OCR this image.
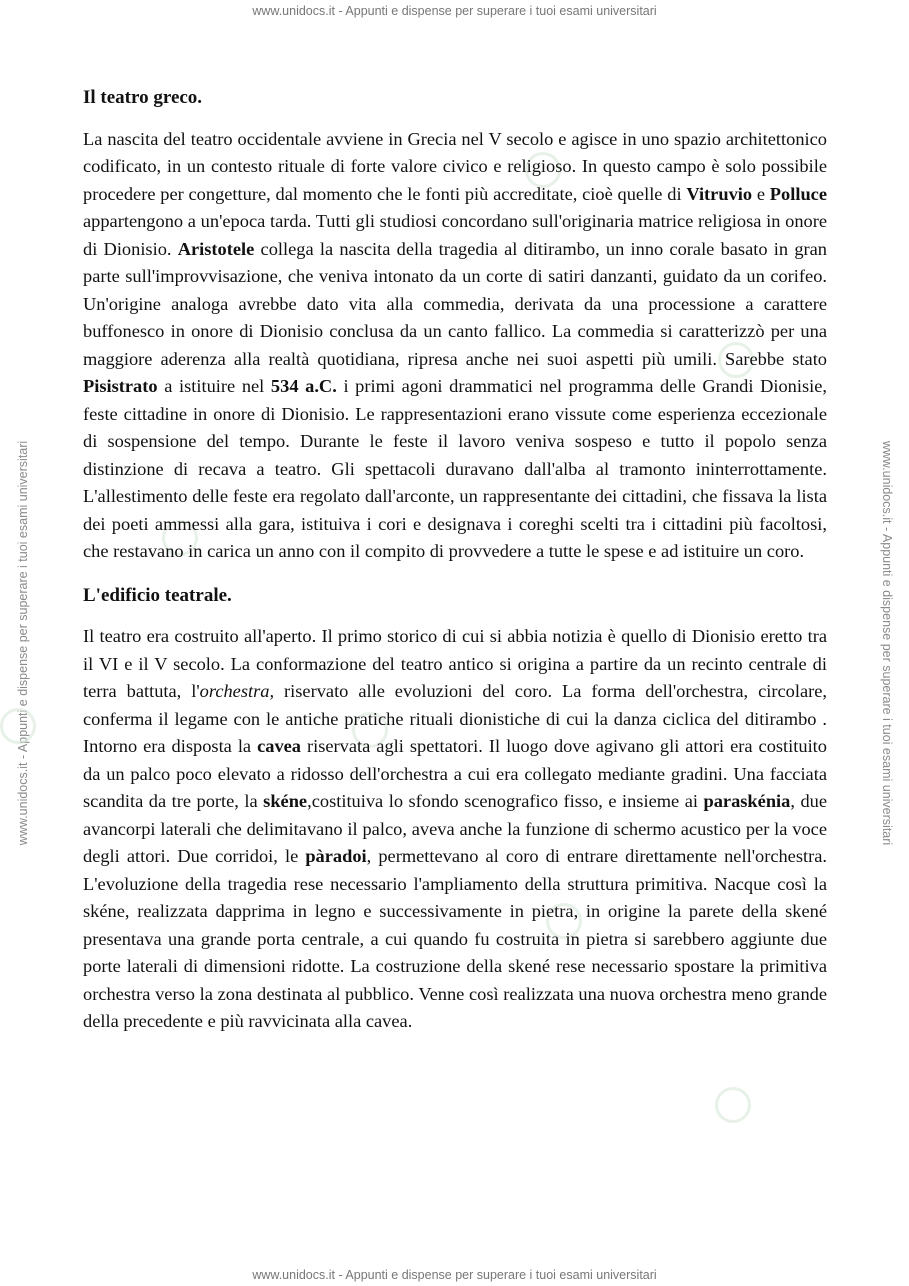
www.unidocs.it - Appunti e dispense per superare i tuoi esami universitari
www.unidocs.it - Appunti e dispense per superare i tuoi esami universitari	www.unidocs.it - Appunti e dispense per superare i tuoi esami universitari
Il teatro greco.

La nascita del teatro occidentale avviene in Grecia nel V secolo e agisce in uno spazio architettonico codificato, in un contesto rituale di forte valore civico e religioso. In questo campo è solo possibile procedere per congetture, dal momento che le fonti più accreditate, cioè quelle di Vitruvio e Polluce appartengono a un'epoca tarda. Tutti gli studiosi concordano sull'originaria matrice religiosa in onore di Dionisio. Aristotele collega la nascita della tragedia al ditirambo, un inno corale basato in gran parte sull'improvvisazione, che veniva intonato da un corte di satiri danzanti, guidato da un corifeo. Un'origine analoga avrebbe dato vita alla commedia, derivata da una processione a carattere buffonesco in onore di Dionisio conclusa da un canto fallico. La commedia si caratterizzò per una maggiore aderenza alla realtà quotidiana, ripresa anche nei suoi aspetti più umili. Sarebbe stato Pisistrato a istituire nel 534 a.C. i primi agoni drammatici nel programma delle Grandi Dionisie, feste cittadine in onore di Dionisio. Le rappresentazioni erano vissute come esperienza eccezionale di sospensione del tempo. Durante le feste il lavoro veniva sospeso e tutto il popolo senza distinzione di recava a teatro. Gli spettacoli duravano dall'alba al tramonto ininterrottamente. L'allestimento delle feste era regolato dall'arconte, un rappresentante dei cittadini, che fissava la lista dei poeti ammessi alla gara, istituiva i cori e designava i coreghi scelti tra i cittadini più facoltosi, che restavano in carica un anno con il compito di provvedere a tutte le spese e ad istituire un coro.

L'edificio teatrale.

Il teatro era costruito all'aperto. Il primo storico di cui si abbia notizia è quello di Dionisio eretto tra il VI e il V secolo. La conformazione del teatro antico si origina a partire da un recinto centrale di terra battuta, l'orchestra, riservato alle evoluzioni del coro. La forma dell'orchestra, circolare, conferma il legame con le antiche pratiche rituali dionistiche di cui la danza ciclica del ditirambo . Intorno era disposta la cavea riservata agli spettatori. Il luogo dove agivano gli attori era costituito da un palco poco elevato a ridosso dell'orchestra a cui era collegato mediante gradini. Una facciata scandita da tre porte, la skéne,costituiva lo sfondo scenografico fisso, e insieme ai paraskénia, due avancorpi laterali che delimitavano il palco, aveva anche la funzione di schermo acustico per la voce degli attori. Due corridoi, le pàradoi, permettevano al coro di entrare direttamente nell'orchestra. L'evoluzione della tragedia rese necessario l'ampliamento della struttura primitiva. Nacque così la skéne, realizzata dapprima in legno e successivamente in pietra, in origine la parete della skené presentava una grande porta centrale, a cui quando fu costruita in pietra si sarebbero aggiunte due porte laterali di dimensioni ridotte. La costruzione della skené rese necessario spostare la primitiva orchestra verso la zona destinata al pubblico. Venne così realizzata una nuova orchestra meno grande della precedente e più ravvicinata alla cavea.

www.unidocs.it - Appunti e dispense per superare i tuoi esami universitari
